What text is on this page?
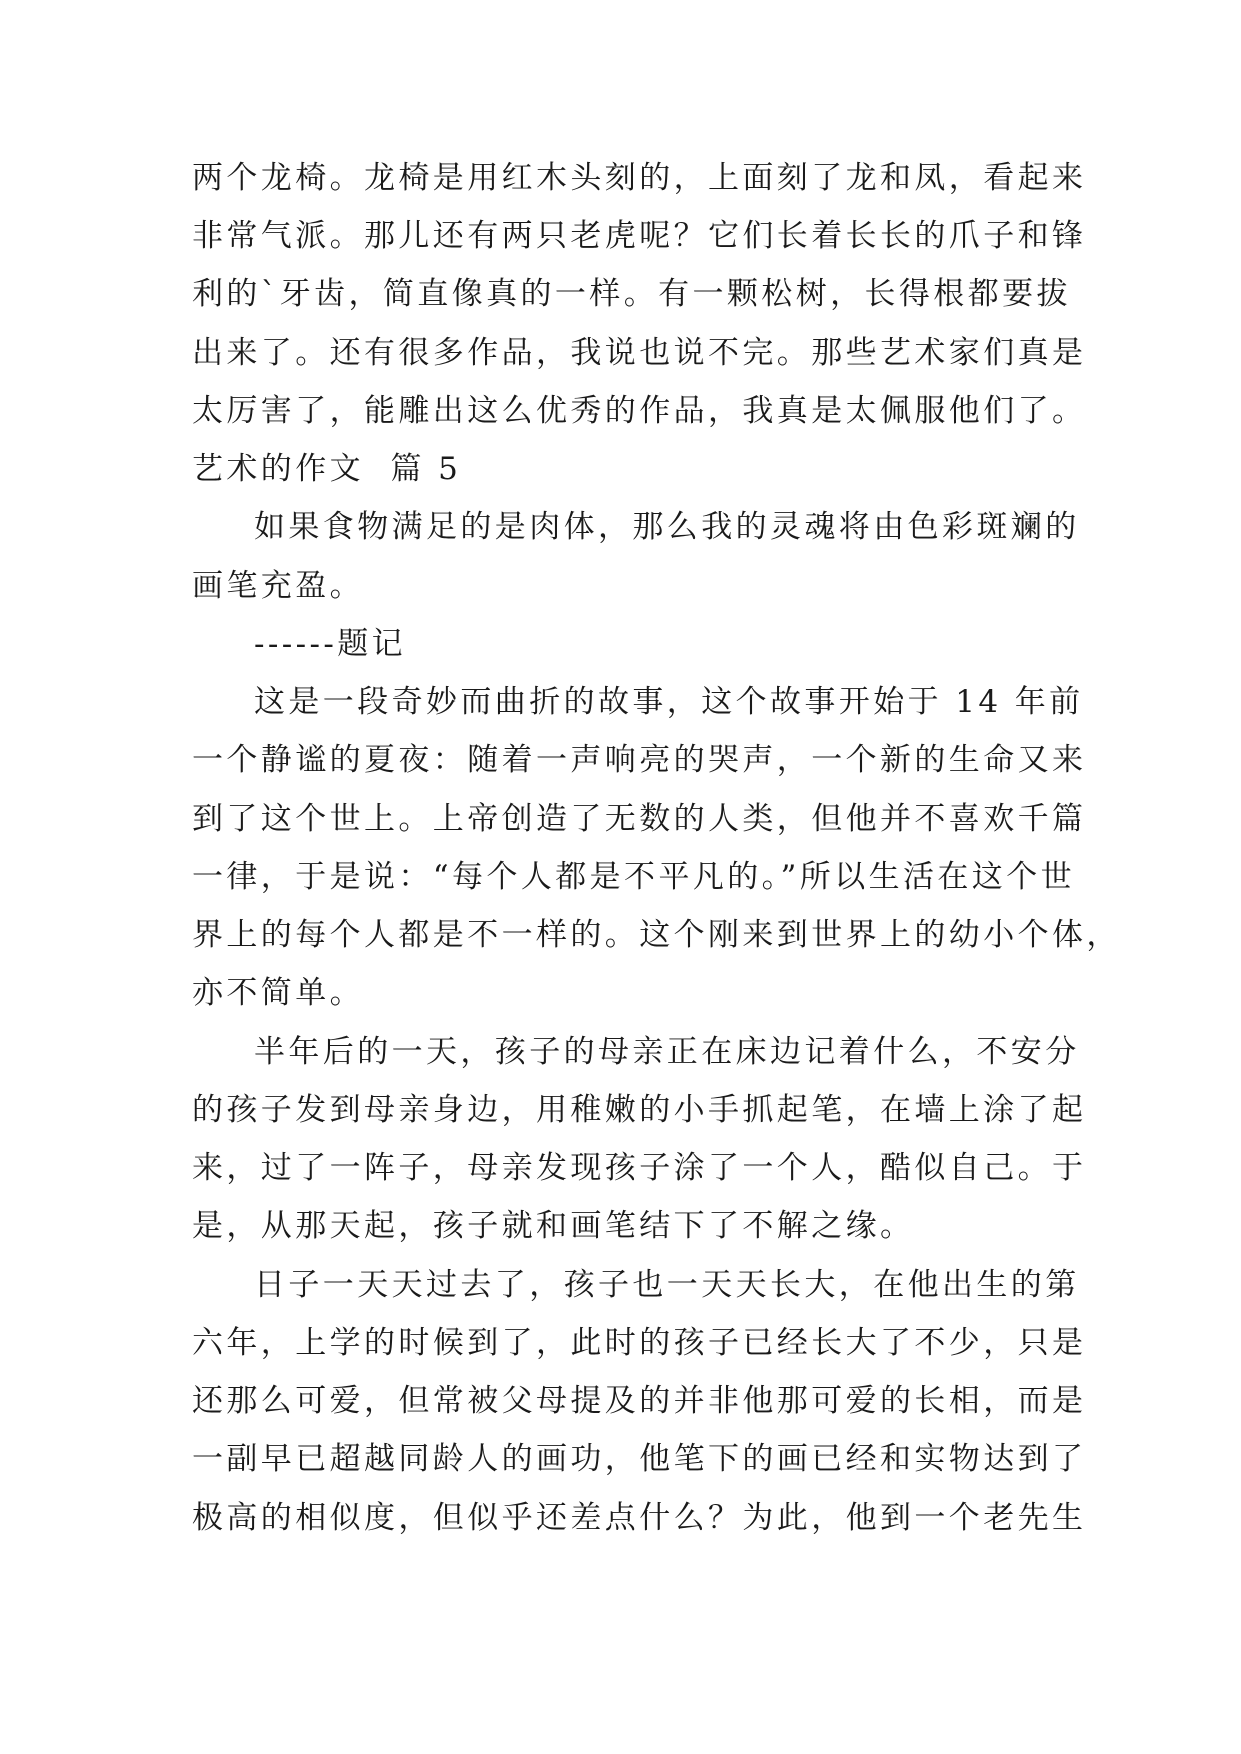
两个龙椅。龙椅是用红木头刻的，上面刻了龙和凤，看起来
非常气派。那儿还有两只老虎呢？它们长着长长的爪子和锋
利的`牙齿，简直像真的一样。有一颗松树，长得根都要拔
出来了。还有很多作品，我说也说不完。那些艺术家们真是
太厉害了，能雕出这么优秀的作品，我真是太佩服他们了。
艺术的作文  篇 5
如果食物满足的是肉体，那么我的灵魂将由色彩斑斓的
画笔充盈。
------题记
这是一段奇妙而曲折的故事，这个故事开始于 14 年前
一个静谧的夏夜：随着一声响亮的哭声，一个新的生命又来
到了这个世上。上帝创造了无数的人类，但他并不喜欢千篇
一律，于是说：“每个人都是不平凡的。”所以生活在这个世
界上的每个人都是不一样的。这个刚来到世界上的幼小个体，
亦不简单。
半年后的一天，孩子的母亲正在床边记着什么，不安分
的孩子发到母亲身边，用稚嫩的小手抓起笔，在墙上涂了起
来，过了一阵子，母亲发现孩子涂了一个人，酷似自己。于
是，从那天起，孩子就和画笔结下了不解之缘。
日子一天天过去了，孩子也一天天长大，在他出生的第
六年，上学的时候到了，此时的孩子已经长大了不少，只是
还那么可爱，但常被父母提及的并非他那可爱的长相，而是
一副早已超越同龄人的画功，他笔下的画已经和实物达到了
极高的相似度，但似乎还差点什么？为此，他到一个老先生
